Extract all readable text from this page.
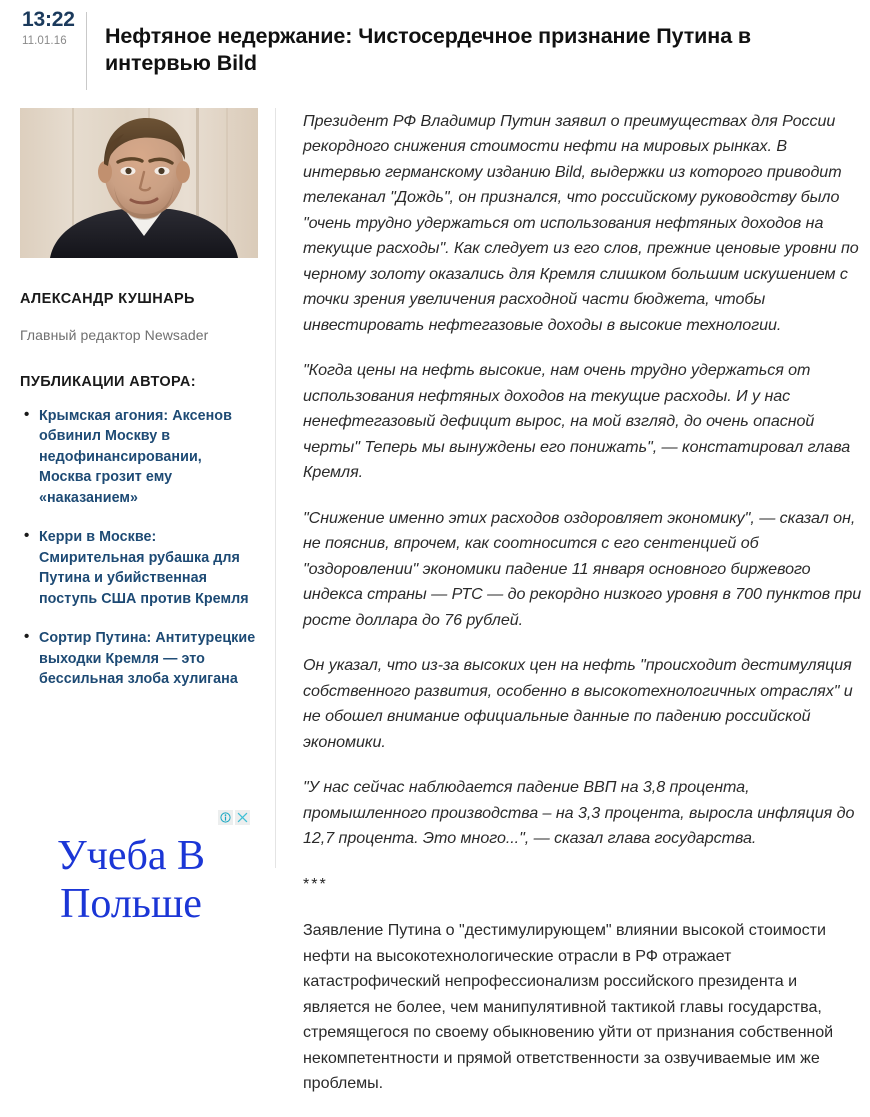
13:22
11.01.16	Нефтяное недержание: Чистосердечное признание Путина в интервью Bild
АЛЕКСАНДР КУШНАРЬ
Главный редактор Newsader
ПУБЛИКАЦИИ АВТОРА:
• Крымская агония: Аксенов обвинил Москву в недофинансировании, Москва грозит ему «наказанием»
• Керри в Москве: Смирительная рубашка для Путина и убийственная поступь США против Кремля
• Сортир Путина: Антитурецкие выходки Кремля — это бессильная злоба хулигана
Учеба В Польше

Президент РФ Владимир Путин заявил о преимуществах для России рекордного снижения стоимости нефти на мировых рынках. В интервью германскому изданию Bild, выдержки из которого приводит телеканал "Дождь", он признался, что российскому руководству было "очень трудно удержаться от использования нефтяных доходов на текущие расходы". Как следует из его слов, прежние ценовые уровни по черному золоту оказались для Кремля слишком большим искушением с точки зрения увеличения расходной части бюджета, чтобы инвестировать нефтегазовые доходы в высокие технологии.

"Когда цены на нефть высокие, нам очень трудно удержаться от использования нефтяных доходов на текущие расходы. И у нас ненефтегазовый дефицит вырос, на мой взгляд, до очень опасной черты" Теперь мы вынуждены его понижать", — констатировал глава Кремля.

"Снижение именно этих расходов оздоровляет экономику", — сказал он, не пояснив, впрочем, как соотносится с его сентенцией об "оздоровлении" экономики падение 11 января основного биржевого индекса страны — РТС — до рекордно низкого уровня в 700 пунктов при росте доллара до 76 рублей.

Он указал, что из-за высоких цен на нефть "происходит дестимуляция собственного развития, особенно в высокотехнологичных отраслях" и не обошел внимание официальные данные по падению российской экономики.

"У нас сейчас наблюдается падение ВВП на 3,8 процента, промышленного производства – на 3,3 процента, выросла инфляция до 12,7 процента. Это много...", — сказал глава государства.

***

Заявление Путина о "дестимулирующем" влиянии высокой стоимости нефти на высокотехнологические отрасли в РФ отражает катастрофический непрофессионализм российского президента и является не более, чем манипулятивной тактикой главы государства, стремящегося по своему обыкновению уйти от признания собственной некомпетентности и прямой ответственности за озвучиваемые им же проблемы.
